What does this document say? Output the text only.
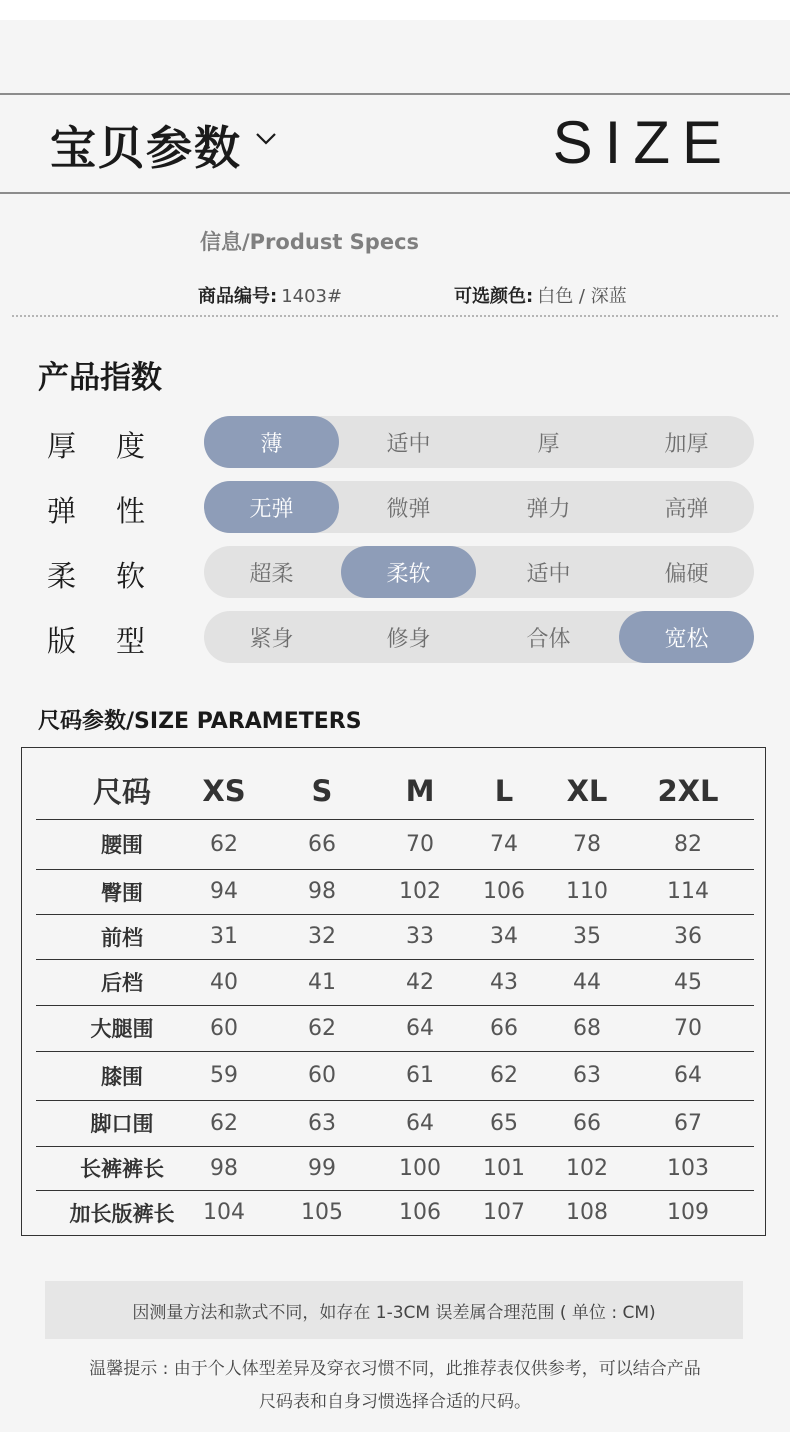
宝贝参数	SIZE
信息/Produst Specs
商品编号: 1403#	可选颜色: 白色 / 深蓝
产品指数
厚 度	薄	适中	厚	加厚
弹 性	无弹	微弹	弹力	高弹
柔 软	超柔	柔软	适中	偏硬
版 型	紧身	修身	合体	宽松
尺码参数/SIZE PARAMETERS
尺码	XS	S	M	L	XL	2XL
腰围	62	66	70	74	78	82
臀围	94	98	102	106	110	114
前档	31	32	33	34	35	36
后档	40	41	42	43	44	45
大腿围	60	62	64	66	68	70
膝围	59	60	61	62	63	64
脚口围	62	63	64	65	66	67
长裤裤长	98	99	100	101	102	103
加长版裤长	104	105	106	107	108	109
因测量方法和款式不同，如存在 1-3CM 误差属合理范围 ( 单位 : CM)
温馨提示 : 由于个人体型差异及穿衣习惯不同，此推荐表仅供参考，可以结合产品
尺码表和自身习惯选择合适的尺码。
